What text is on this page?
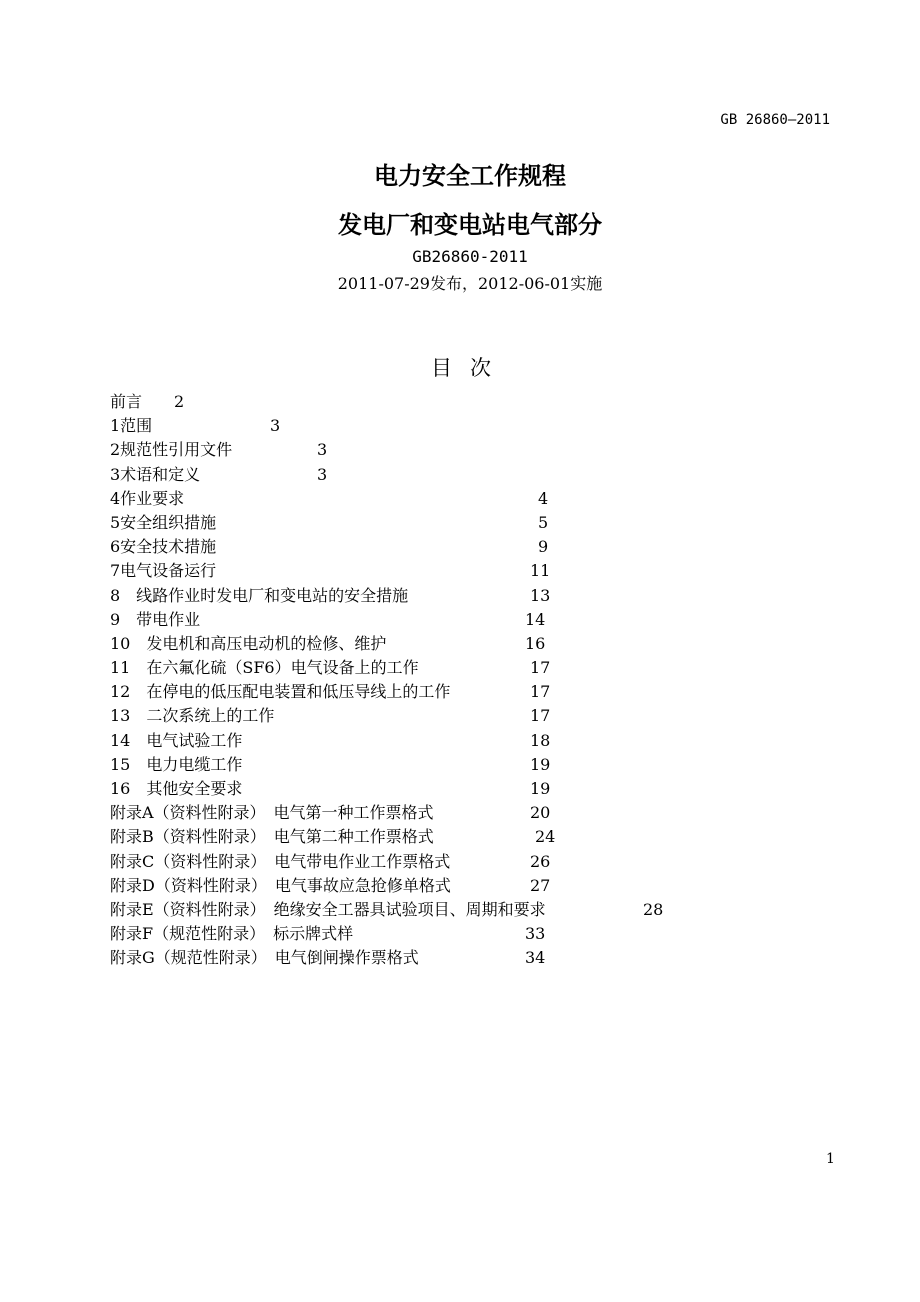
GB 26860—2011
电力安全工作规程
发电厂和变电站电气部分
GB26860-2011
2011-07-29发布，2012-06-01实施
目次
前言 2
1范围	3
2规范性引用文件	3
3术语和定义	3
4作业要求	4
5安全组织措施	5
6安全技术措施	9
7电气设备运行	11
8　线路作业时发电厂和变电站的安全措施	13
9　带电作业	14
10　发电机和高压电动机的检修、维护	16
11　在六氟化硫（SF6）电气设备上的工作	17
12　在停电的低压配电装置和低压导线上的工作	17
13　二次系统上的工作	17
14　电气试验工作	18
15　电力电缆工作	19
16　其他安全要求	19
附录A（资料性附录）　电气第一种工作票格式	20
附录B（资料性附录）　电气第二种工作票格式	24
附录C（资料性附录）　电气带电作业工作票格式	26
附录D（资料性附录）　电气事故应急抢修单格式	27
附录E（资料性附录）　绝缘安全工器具试验项目、周期和要求	28
附录F（规范性附录）　标示牌式样	33
附录G（规范性附录）　电气倒闸操作票格式	34
1
